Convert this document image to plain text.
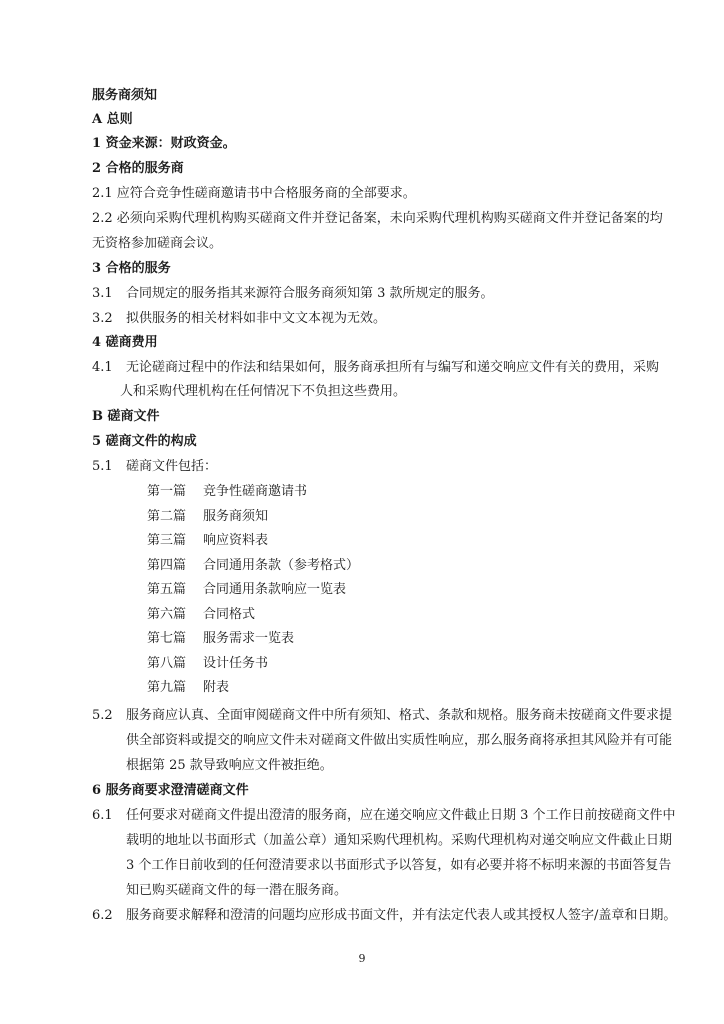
服务商须知
A 总则
1 资金来源：财政资金。
2 合格的服务商
2.1 应符合竞争性磋商邀请书中合格服务商的全部要求。
2.2 必须向采购代理机构购买磋商文件并登记备案，未向采购代理机构购买磋商文件并登记备案的均
无资格参加磋商会议。
3 合格的服务
3.1 合同规定的服务指其来源符合服务商须知第 3 款所规定的服务。
3.2 拟供服务的相关材料如非中文文本视为无效。
4 磋商费用
4.1 无论磋商过程中的作法和结果如何，服务商承担所有与编写和递交响应文件有关的费用，采购
人和采购代理机构在任何情况下不负担这些费用。
B 磋商文件
5 磋商文件的构成
5.1 磋商文件包括：
第一篇 竞争性磋商邀请书
第二篇 服务商须知
第三篇 响应资料表
第四篇 合同通用条款（参考格式）
第五篇 合同通用条款响应一览表
第六篇 合同格式
第七篇 服务需求一览表
第八篇 设计任务书
第九篇 附表
5.2 服务商应认真、全面审阅磋商文件中所有须知、格式、条款和规格。服务商未按磋商文件要求提
供全部资料或提交的响应文件未对磋商文件做出实质性响应，那么服务商将承担其风险并有可能
根据第 25 款导致响应文件被拒绝。
6 服务商要求澄清磋商文件
6.1 任何要求对磋商文件提出澄清的服务商，应在递交响应文件截止日期 3 个工作日前按磋商文件中
载明的地址以书面形式（加盖公章）通知采购代理机构。采购代理机构对递交响应文件截止日期
3 个工作日前收到的任何澄清要求以书面形式予以答复，如有必要并将不标明来源的书面答复告
知已购买磋商文件的每一潜在服务商。
6.2 服务商要求解释和澄清的问题均应形成书面文件，并有法定代表人或其授权人签字/盖章和日期。
9
